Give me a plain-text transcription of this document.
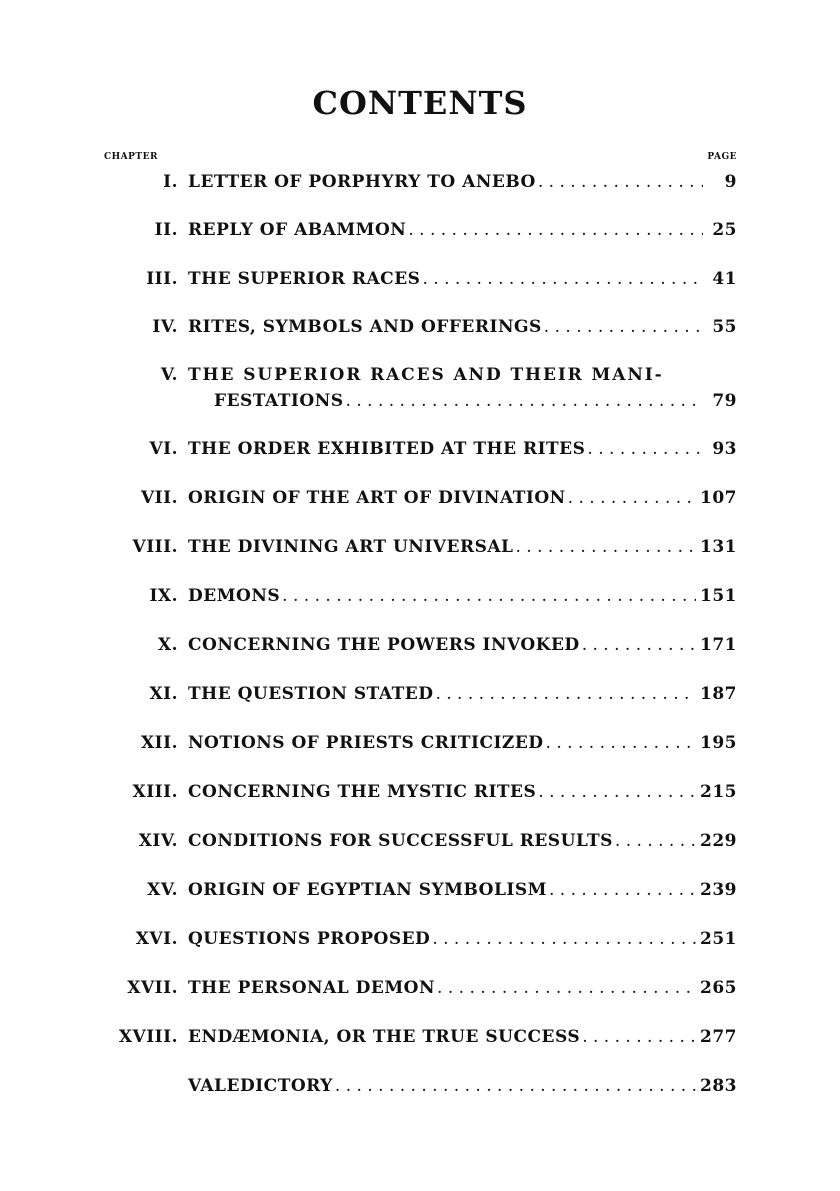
CONTENTS
CHAPTER	PAGE
I. LETTER OF PORPHYRY TO ANEBO . . .	9
II. REPLY OF ABAMMON . . .	25
III. THE SUPERIOR RACES . . .	41
IV. RITES, SYMBOLS AND OFFERINGS . . .	55
V. THE SUPERIOR RACES AND THEIR MANI-
FESTATIONS . . .	79
VI. THE ORDER EXHIBITED AT THE RITES . . .	93
VII. ORIGIN OF THE ART OF DIVINATION . . .	107
VIII. THE DIVINING ART UNIVERSAL . . .	131
IX. DEMONS . . .	151
X. CONCERNING THE POWERS INVOKED . . .	171
XI. THE QUESTION STATED . . .	187
XII. NOTIONS OF PRIESTS CRITICIZED . . .	195
XIII. CONCERNING THE MYSTIC RITES . . .	215
XIV. CONDITIONS FOR SUCCESSFUL RESULTS . . .	229
XV. ORIGIN OF EGYPTIAN SYMBOLISM . . .	239
XVI. QUESTIONS PROPOSED . . .	251
XVII. THE PERSONAL DEMON . . .	265
XVIII. ENDÆMONIA, OR THE TRUE SUCCESS . . .	277
VALEDICTORY . . .	283
